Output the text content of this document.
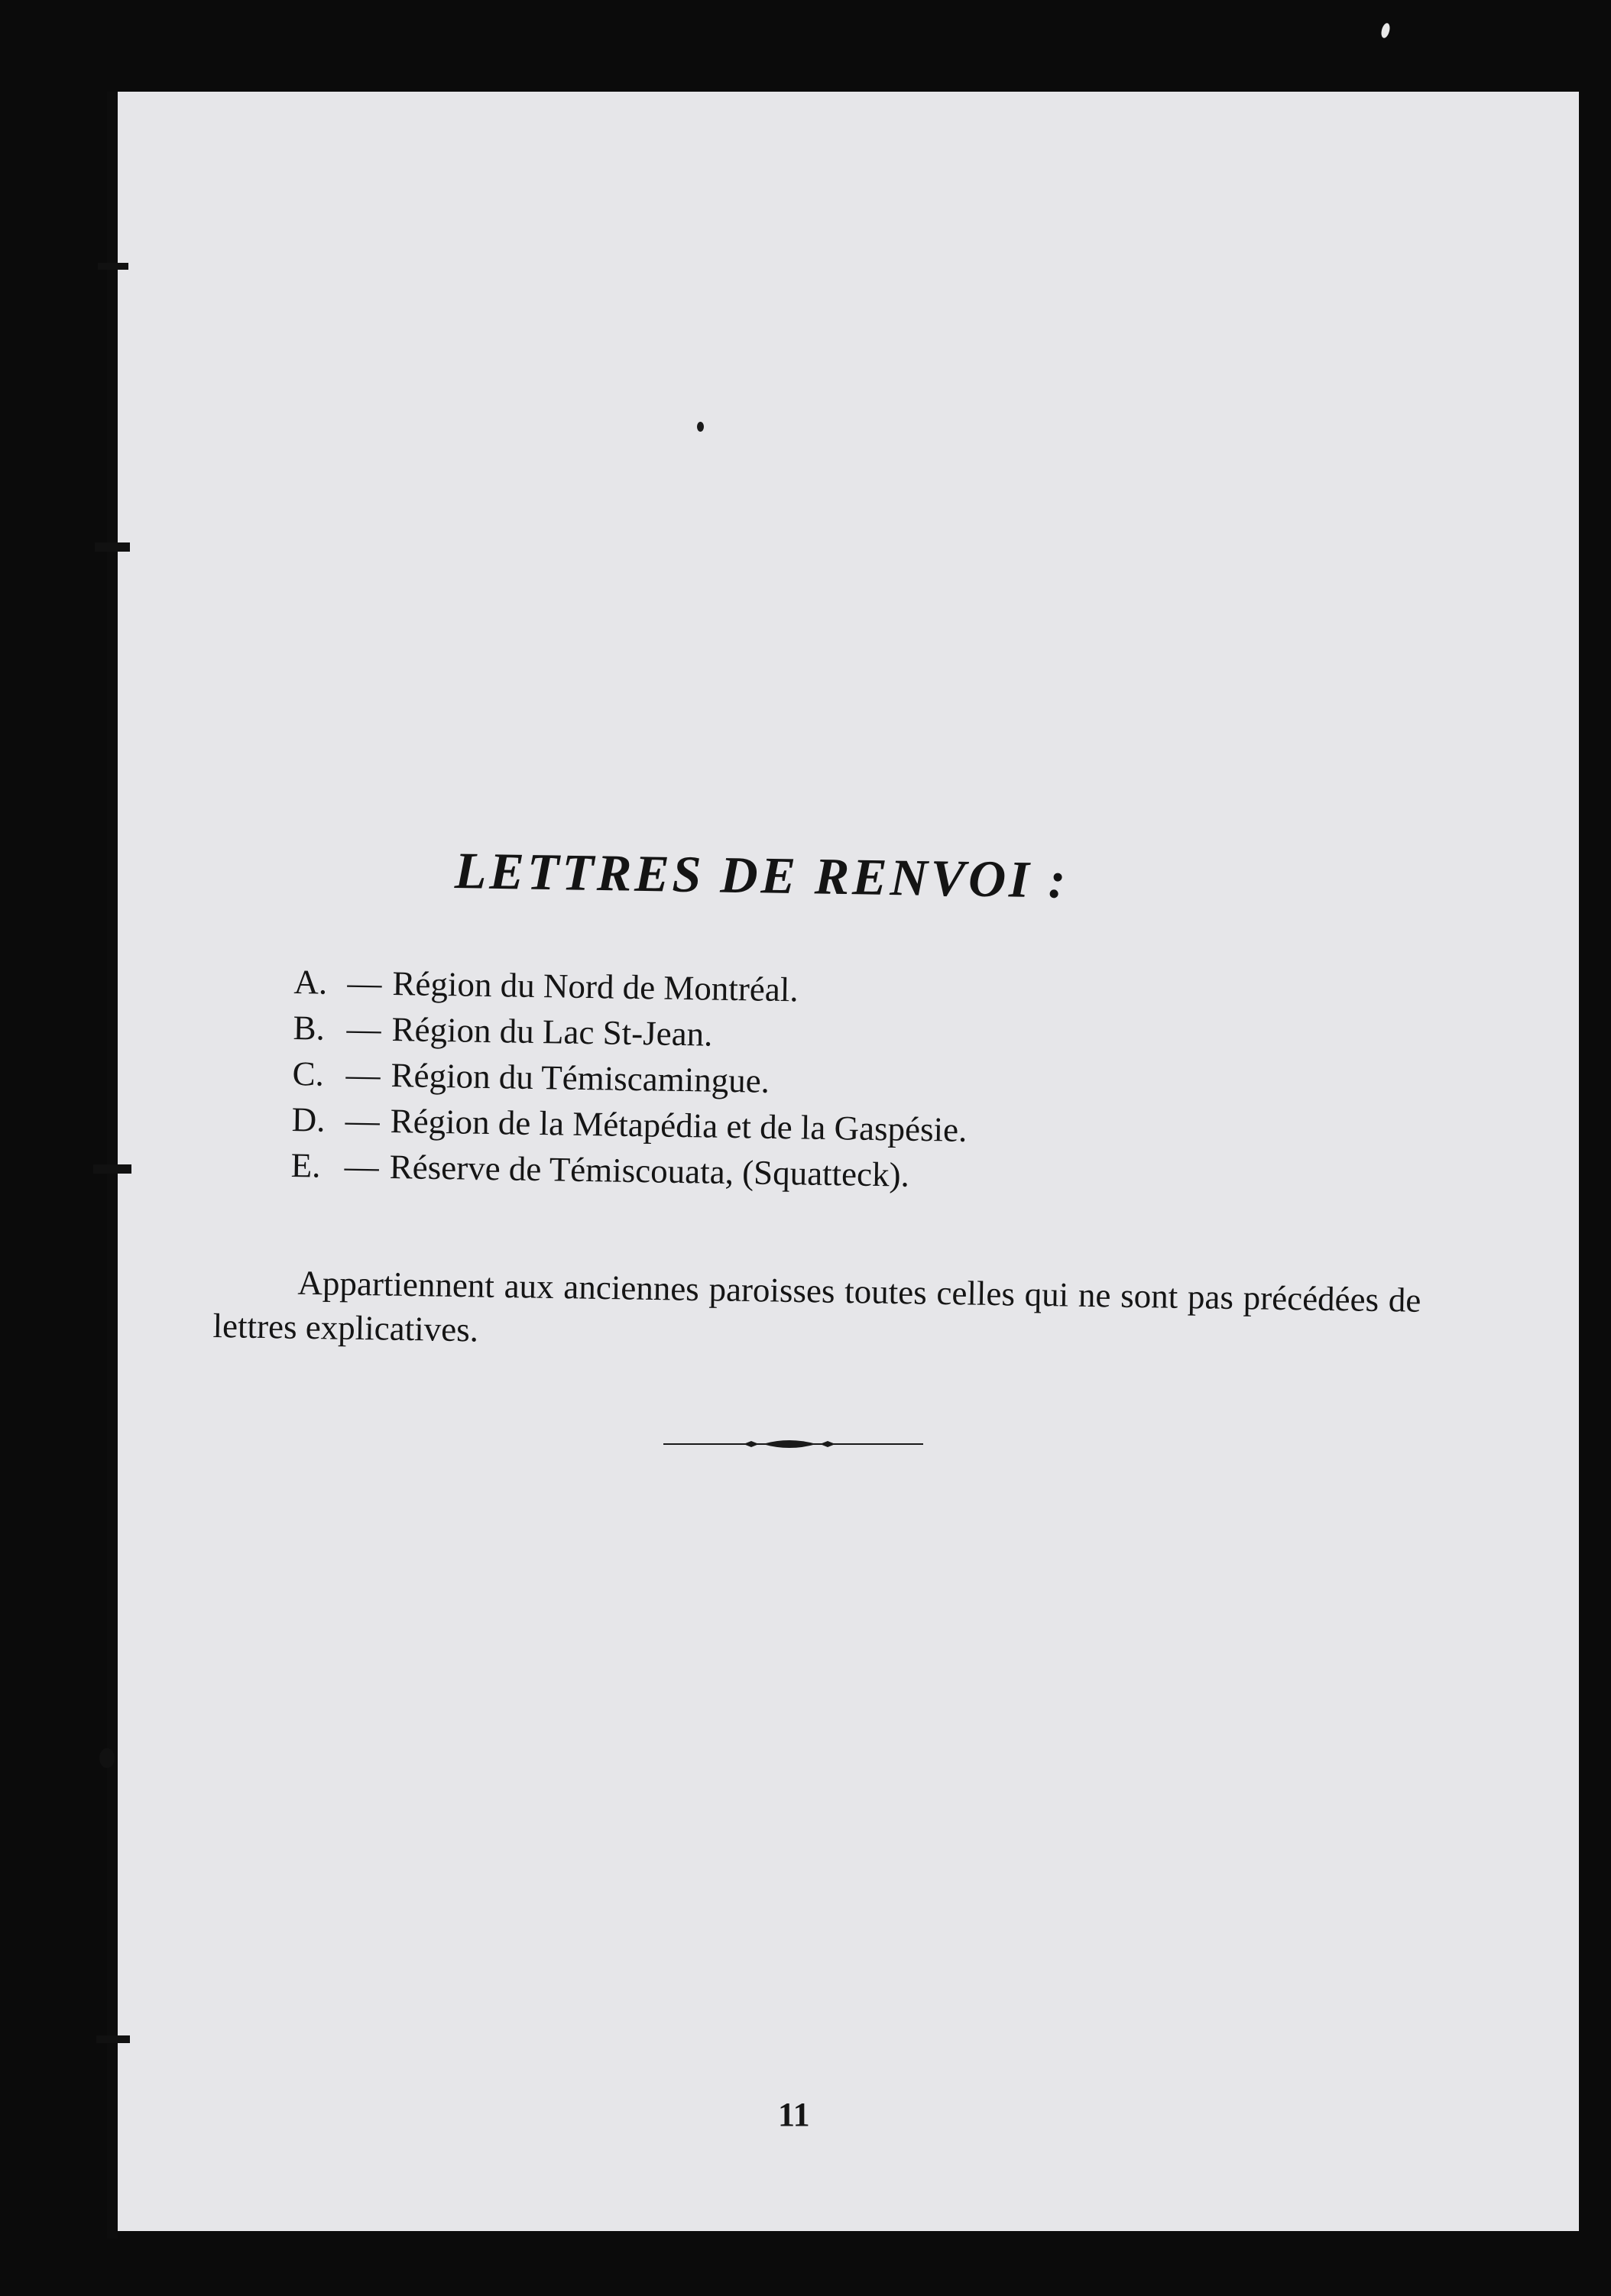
LETTRES DE RENVOI :
A. — Région du Nord de Montréal.
B. — Région du Lac St-Jean.
C. — Région du Témiscamingue.
D. — Région de la Métapédia et de la Gaspésie.
E. — Réserve de Témiscouata, (Squatteck).

Appartiennent aux anciennes paroisses toutes celles qui ne sont pas précédées de lettres explicatives.

11
